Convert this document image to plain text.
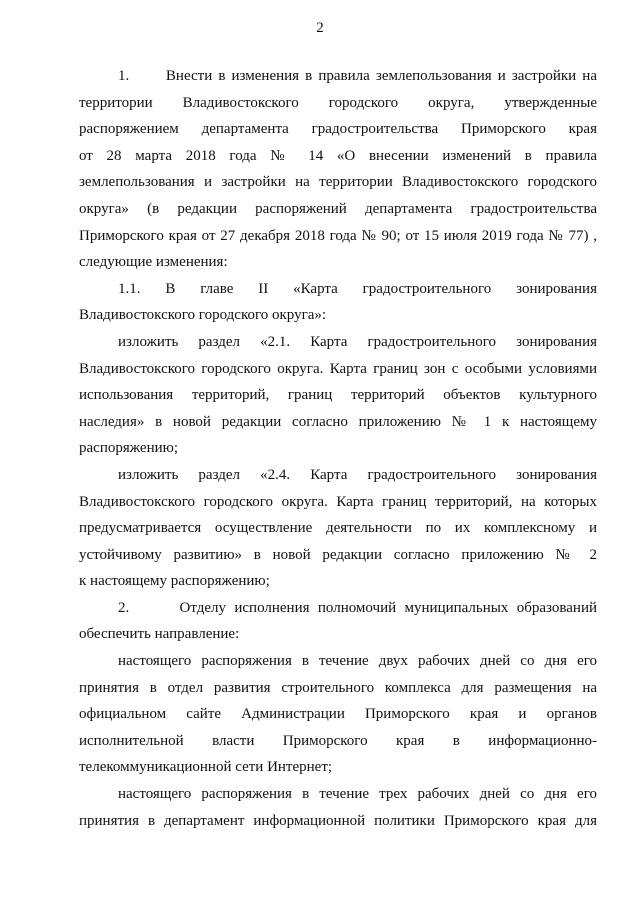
2

1.      Внести в изменения в правила землепользования и застройки на
территории Владивостокского городского округа, утвержденные
распоряжением департамента градостроительства Приморского края
от 28 марта 2018 года № 14 «О внесении изменений в правила
землепользования и застройки на территории Владивостокского городского
округа» (в редакции распоряжений департамента градостроительства
Приморского края от 27 декабря 2018 года № 90; от 15 июля 2019 года № 77) ,
следующие изменения:

1.1. В главе II «Карта градостроительного зонирования
Владивостокского городского округа»:

изложить раздел «2.1. Карта градостроительного зонирования
Владивостокского городского округа. Карта границ зон с особыми условиями
использования территорий, границ территорий объектов культурного
наследия» в новой редакции согласно приложению № 1 к настоящему
распоряжению;

изложить раздел «2.4. Карта градостроительного зонирования
Владивостокского городского округа. Карта границ территорий, на которых
предусматривается осуществление деятельности по их комплексному и
устойчивому развитию» в новой редакции согласно приложению № 2
к настоящему распоряжению;

2.      Отделу исполнения полномочий муниципальных образований
обеспечить направление:

настоящего распоряжения в течение двух рабочих дней со дня его
принятия в отдел развития строительного комплекса для размещения на
официальном сайте Администрации Приморского края и органов
исполнительной власти Приморского края в информационно-
телекоммуникационной сети Интернет;

настоящего распоряжения в течение трех рабочих дней со дня его
принятия в департамент информационной политики Приморского края для
